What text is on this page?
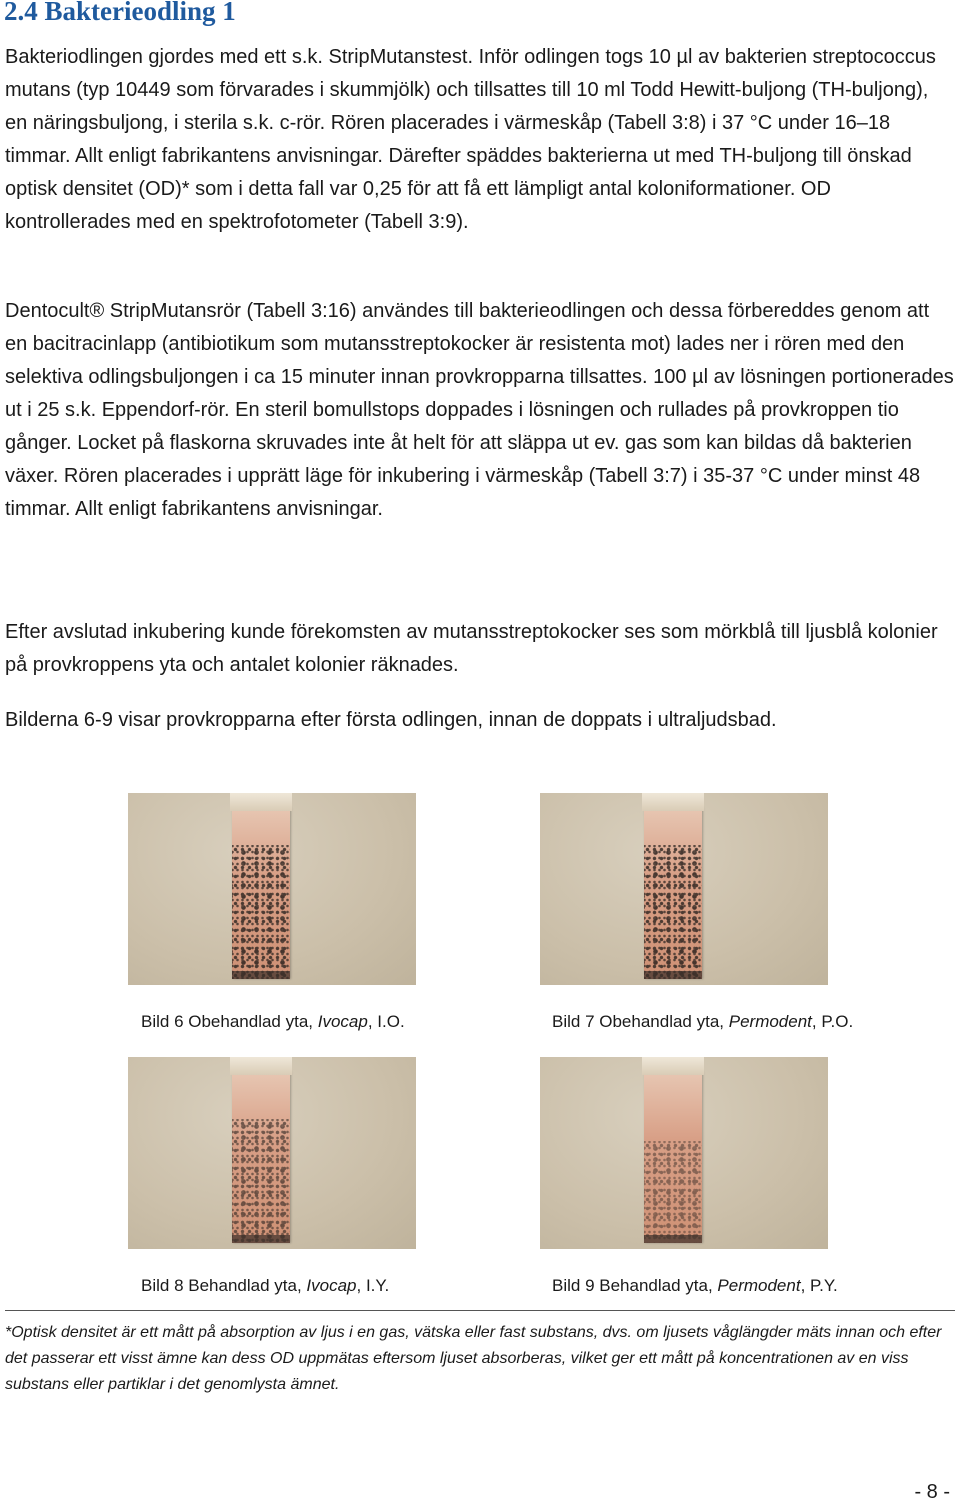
2.4 Bakterieodling 1

Bakteriodlingen gjordes med ett s.k. StripMutanstest. Inför odlingen togs 10 µl av bakterien streptococcus mutans (typ 10449 som förvarades i skummjölk) och tillsattes till 10 ml Todd Hewitt-buljong (TH-buljong), en näringsbuljong, i sterila s.k. c-rör. Rören placerades i värmeskåp (Tabell 3:8) i 37 °C under 16–18 timmar. Allt enligt fabrikantens anvisningar. Därefter späddes bakterierna ut med TH-buljong till önskad optisk densitet (OD)* som i detta fall var 0,25 för att få ett lämpligt antal koloniformationer. OD kontrollerades med en spektrofotometer (Tabell 3:9).

Dentocult® StripMutansrör (Tabell 3:16) användes till bakterieodlingen och dessa förbereddes genom att en bacitracinlapp (antibiotikum som mutansstreptokocker är resistenta mot) lades ner i rören med den selektiva odlingsbuljongen i ca 15 minuter innan provkropparna tillsattes. 100 µl av lösningen portionerades ut i 25 s.k. Eppendorf-rör. En steril bomullstops doppades i lösningen och rullades på provkroppen tio gånger. Locket på flaskorna skruvades inte åt helt för att släppa ut ev. gas som kan bildas då bakterien växer. Rören placerades i upprätt läge för inkubering i värmeskåp (Tabell 3:7) i 35-37 °C under minst 48 timmar. Allt enligt fabrikantens anvisningar.

Efter avslutad inkubering kunde förekomsten av mutansstreptokocker ses som mörkblå till ljusblå kolonier på provkroppens yta och antalet kolonier räknades.

Bilderna 6-9 visar provkropparna efter första odlingen, innan de doppats i ultraljudsbad.

Bild 6 Obehandlad yta, Ivocap, I.O.	Bild 7 Obehandlad yta, Permodent, P.O.

Bild 8 Behandlad yta, Ivocap, I.Y.	Bild 9 Behandlad yta, Permodent, P.Y.

*Optisk densitet är ett mått på absorption av ljus i en gas, vätska eller fast substans, dvs. om ljusets våglängder mäts innan och efter det passerar ett visst ämne kan dess OD uppmätas eftersom ljuset absorberas, vilket ger ett mått på koncentrationen av en viss substans eller partiklar i det genomlysta ämnet.

- 8 -
